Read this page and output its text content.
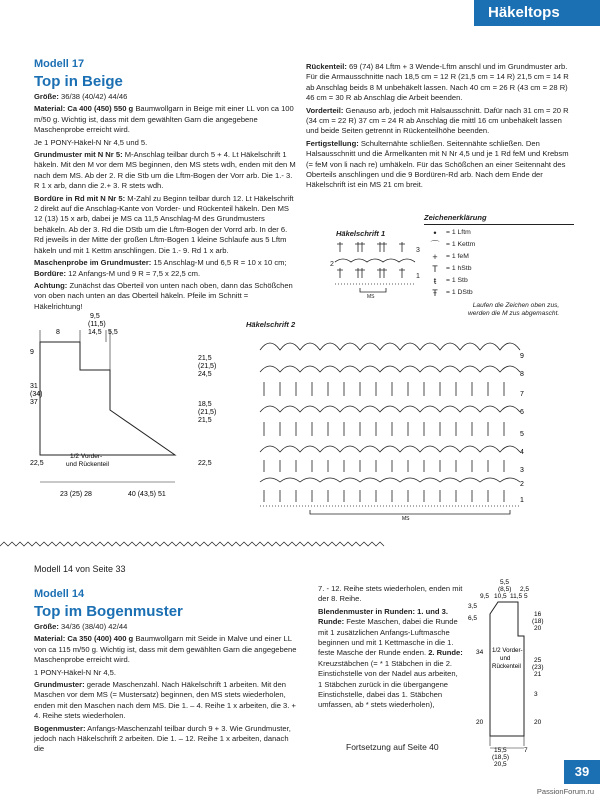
Häkeltops

Modell 17

Top in Beige

Größe: 36/38 (40/42) 44/46

Material: Ca 400 (450) 550 g Baumwollgarn in Beige mit einer LL von ca 100 m/50 g. Wichtig ist, dass mit dem gewählten Garn die angegebene Maschenprobe erreicht wird.

Je 1 PONY-Häkel-N Nr 4,5 und 5.

Grundmuster mit N Nr 5: M-Anschlag teilbar durch 5 + 4. Lt Häkelschrift 1 häkeln. Mit den M vor dem MS beginnen, den MS stets wdh, enden mit den M nach dem MS. Ab der 2. R die Stb um die Lftm-Bogen der Vorr arb. Die 1.- 3. R 1 x arb, dann die 2.+ 3. R stets wdh.

Bordüre in Rd mit N Nr 5: M-Zahl zu Beginn teilbar durch 12. Lt Häkelschrift 2 direkt auf die Anschlag-Kante von Vorder- und Rückenteil häkeln. Den MS 12 (13) 15 x arb, dabei je MS ca 11,5 Anschlag-M des Grundmusters behäkeln. Ab der 3. Rd die DStb um die Lftm-Bogen der Vorrd arb. In der 6. Rd jeweils in der Mitte der großen Lftm-Bogen 1 kleine Schlaufe aus 5 Lftm häkeln und mit 1 Kettm anschlingen. Die 1.- 9. Rd 1 x arb.

Maschenprobe im Grundmuster: 15 Anschlag-M und 6,5 R = 10 x 10 cm; Bordüre: 12 Anfangs-M und 9 R = 7,5 x 22,5 cm.

Achtung: Zunächst das Oberteil von unten nach oben, dann das Schößchen von oben nach unten an das Oberteil häkeln. Pfeile im Schnitt = Häkelrichtung!

Rückenteil: 69 (74) 84 Lftm + 3 Wende-Lftm anschl und im Grundmuster arb. Für die Armausschnitte nach 18,5 cm = 12 R (21,5 cm = 14 R) 21,5 cm = 14 R ab Anschlag beids 8 M unbehäkelt lassen. Nach 40 cm = 26 R (43 cm = 28 R) 46 cm = 30 R ab Anschlag die Arbeit beenden.

Vorderteil: Genauso arb, jedoch mit Halsausschnitt. Dafür nach 31 cm = 20 R (34 cm = 22 R) 37 cm = 24 R ab Anschlag die mittl 16 cm unbehäkelt lassen und beide Seiten getrennt in Rückenteilhöhe beenden.

Fertigstellung: Schulternähte schließen. Seitennähte schließen. Den Halsausschnitt und die Ärmelkanten mit N Nr 4,5 und je 1 Rd feM und Krebsm (= feM von li nach re) umhäkeln. Für das Schößchen an einer Seitennaht des Oberteils anschlingen und die 9 Bordüren-Rd arb. Nach dem Ende der Häkelschrift ist ein MS 21 cm breit.

Häkelschrift 1
3
2
1
MS
Zeichenerklärung
•	= 1 Lftm
⌒ = 1 Kettm
+	= 1 feM
T	= 1 hStb
ŧ	= 1 Stb
Ŧ	= 1 DStb
Laufen die Zeichen oben zus,
werden die M zus abgemascht.
9,5
(11,5)
14,5
8	5,5
9
31
(34)
37
21,5
(21,5)
24,5
18,5
(21,5)
21,5
22,5	22,5
1/2 Vorder-
und Rückenteil
23 (25) 28	40 (43,5) 51
Häkelschrift 2
9
8
7
6
5
4
3
2
1
MS
Modell 14 von Seite 33

Modell 14

Top im Bogenmuster

Größe: 34/36 (38/40) 42/44

Material: Ca 350 (400) 400 g Baumwollgarn mit Seide in Malve und einer LL von ca 115 m/50 g. Wichtig ist, dass mit dem gewählten Garn die angegebene Maschenprobe erreicht wird.

1 PONY-Häkel-N Nr 4,5.

Grundmuster: gerade Maschenzahl. Nach Häkelschrift 1 arbeiten. Mit den Maschen vor dem MS (= Mustersatz) beginnen, den MS stets wiederholen, enden mit den Maschen nach dem MS. Die 1. – 4. Reihe 1 x arbeiten, die 3. + 4. Reihe stets wiederholen.

Bogenmuster: Anfangs-Maschenzahl teilbar durch 9 + 3. Wie Grundmuster, jedoch nach Häkelschrift 2 arbeiten. Die 1. – 12. Reihe 1 x arbeiten, danach die

7. - 12. Reihe stets wiederholen, enden mit der 8. Reihe.

Blendenmuster in Runden: 1. und 3. Runde: Feste Maschen, dabei die Runde mit 1 zusätzlichen Anfangs-Luftmasche beginnen und mit 1 Kettmasche in die 1. feste Masche der Runde enden. 2. Runde: Kreuzstäbchen (= * 1 Stäbchen in die 2. Einstichstelle von der Nadel aus arbeiten, 1 Stäbchen zurück in die übergangene Einstichstelle, dabei das 1. Stäbchen umfassen, ab * stets wiederholen),

Fortsetzung auf Seite 40
5,5
(8,5)
11,5
2,5
9,5 10,5	5
3,5
6,5
34
16
(18)
20
25
(23)
21
3
20	20
1/2 Vorder-
und
Rückenteil
15,5
(18,5)
20,5
7
39
PassionForum.ru
